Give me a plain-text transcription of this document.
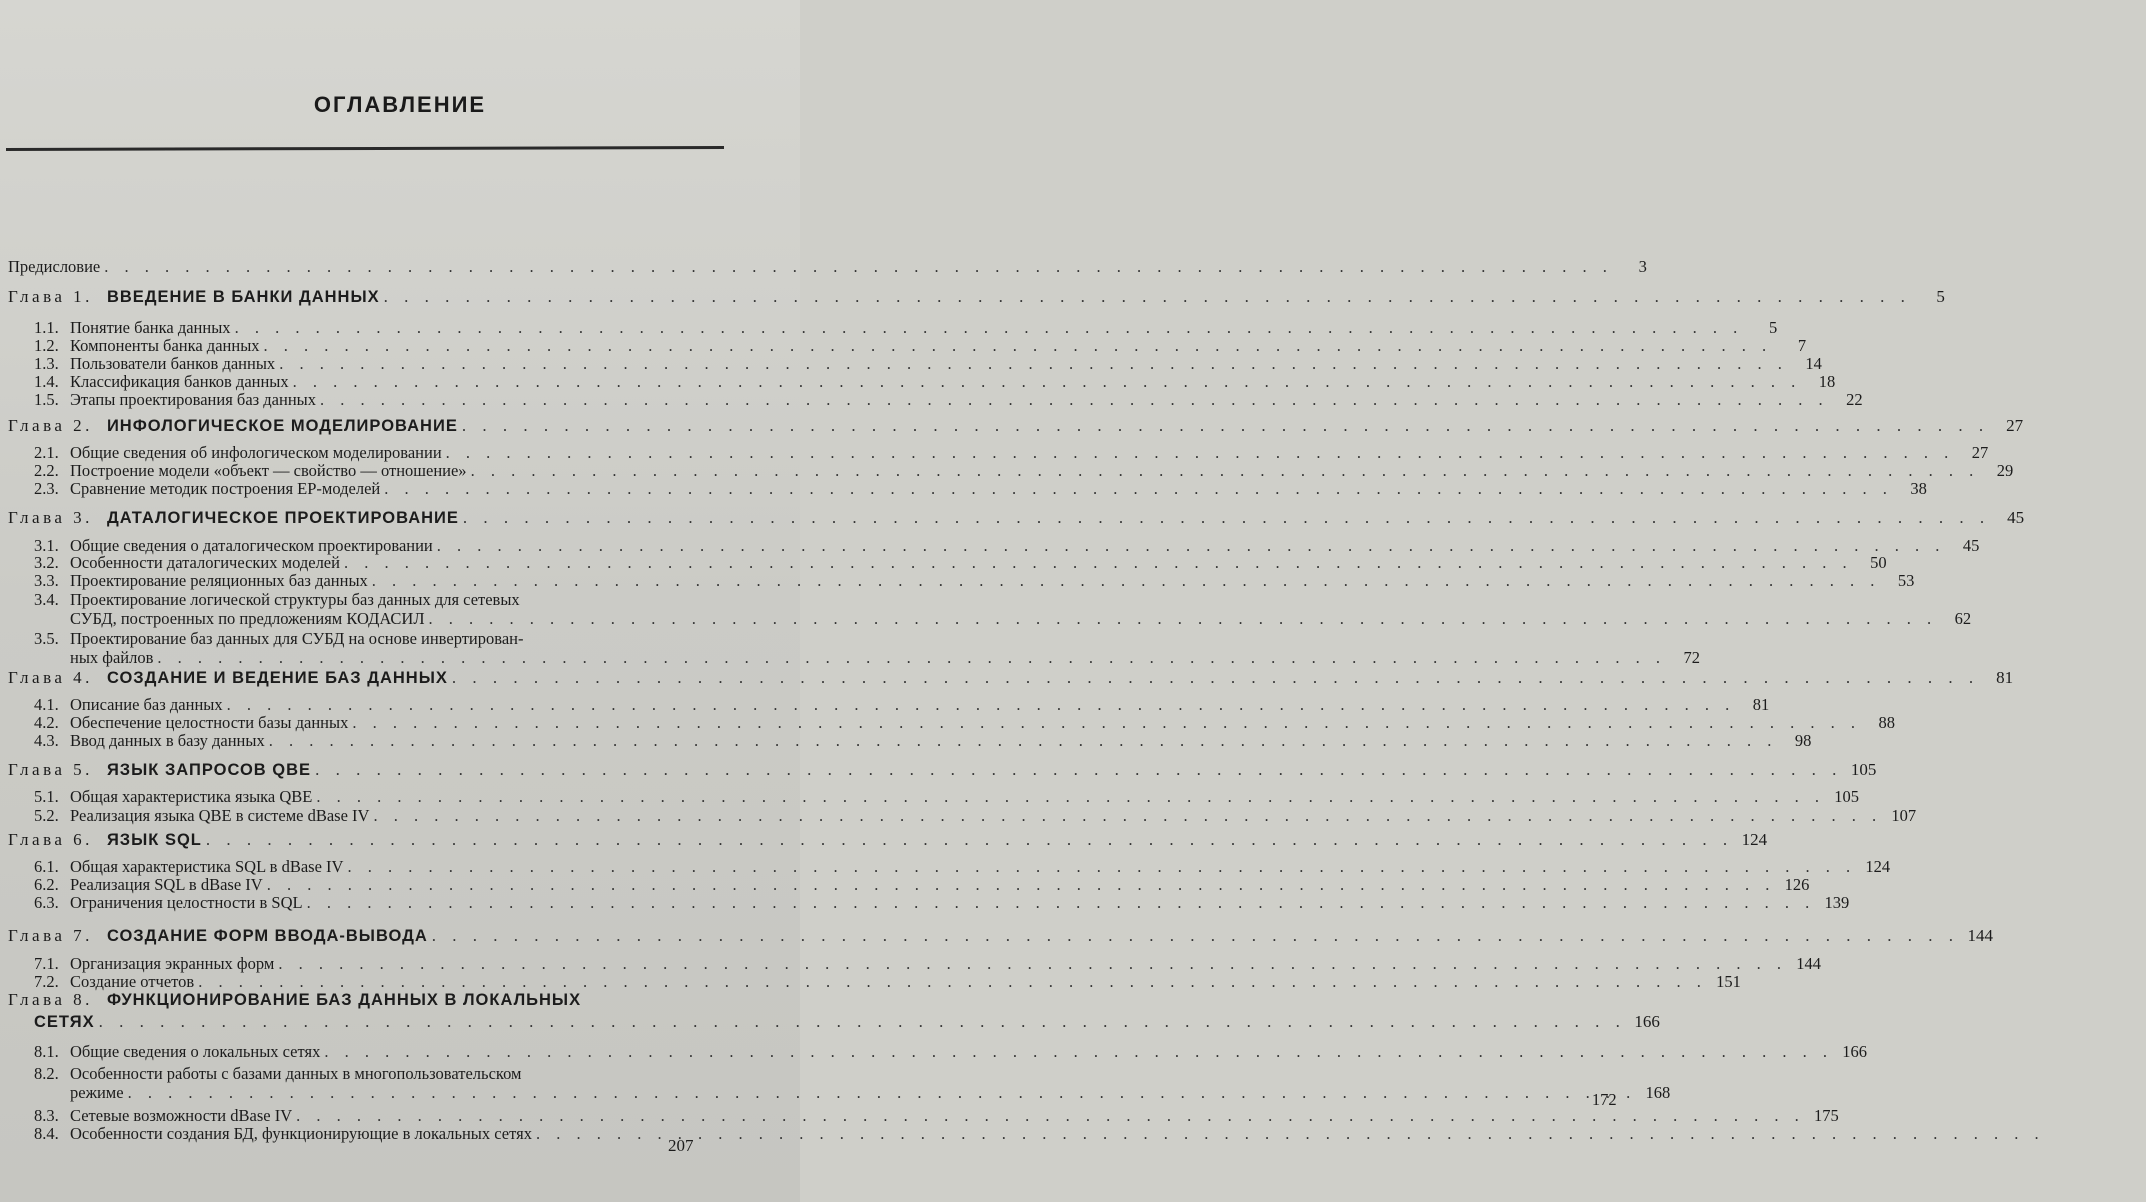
ОГЛАВЛЕНИЕ
Предисловие . . .	3
Глава 1. ВВЕДЕНИЕ В БАНКИ ДАННЫХ . . .	5
1.1. Понятие банка данных . . .	5
1.2. Компоненты банка данных . . .	7
1.3. Пользователи банков данных . . .	14
1.4. Классификация банков данных . . .	18
1.5. Этапы проектирования баз данных . . .	22
Глава 2. ИНФОЛОГИЧЕСКОЕ МОДЕЛИРОВАНИЕ . . .	27
2.1. Общие сведения об инфологическом моделировании . . .	27
2.2. Построение модели «объект — свойство — отношение» . . .	29
2.3. Сравнение методик построения ЕР-моделей . . .	38
Глава 3. ДАТАЛОГИЧЕСКОЕ ПРОЕКТИРОВАНИЕ . . .	45
3.1. Общие сведения о даталогическом проектировании . . .	45
3.2. Особенности даталогических моделей . . .	50
3.3. Проектирование реляционных баз данных . . .	53
3.4. Проектирование логической структуры баз данных для сетевых
СУБД, построенных по предложениям КОДАСИЛ . . .	62
3.5. Проектирование баз данных для СУБД на основе инвертирован-
ных файлов . . .	72
Глава 4. СОЗДАНИЕ И ВЕДЕНИЕ БАЗ ДАННЫХ . . .	81
4.1. Описание баз данных . . .	81
4.2. Обеспечение целостности базы данных . . .	88
4.3. Ввод данных в базу данных . . .	98
Глава 5. ЯЗЫК ЗАПРОСОВ QBE . . .	105
5.1. Общая характеристика языка QBE . . .	105
5.2. Реализация языка QBE в системе dBase IV . . .	107
Глава 6. ЯЗЫК SQL . . .	124
6.1. Общая характеристика SQL в dBase IV . . .	124
6.2. Реализация SQL в dBase IV . . .	126
6.3. Ограничения целостности в SQL . . .	139
Глава 7. СОЗДАНИЕ ФОРМ ВВОДА-ВЫВОДА . . .	144
7.1. Организация экранных форм . . .	144
7.2. Создание отчетов . . .	151
Глава 8. ФУНКЦИОНИРОВАНИЕ БАЗ ДАННЫХ В ЛОКАЛЬНЫХ
СЕТЯХ . . .	166
8.1. Общие сведения о локальных сетях . . .	166
8.2. Особенности работы с базами данных в многопользовательском
режиме . . .	168
172
8.3. Сетевые возможности dBase IV . . .	175
8.4. Особенности создания БД, функционирующие в локальных сетях
. . .
207
